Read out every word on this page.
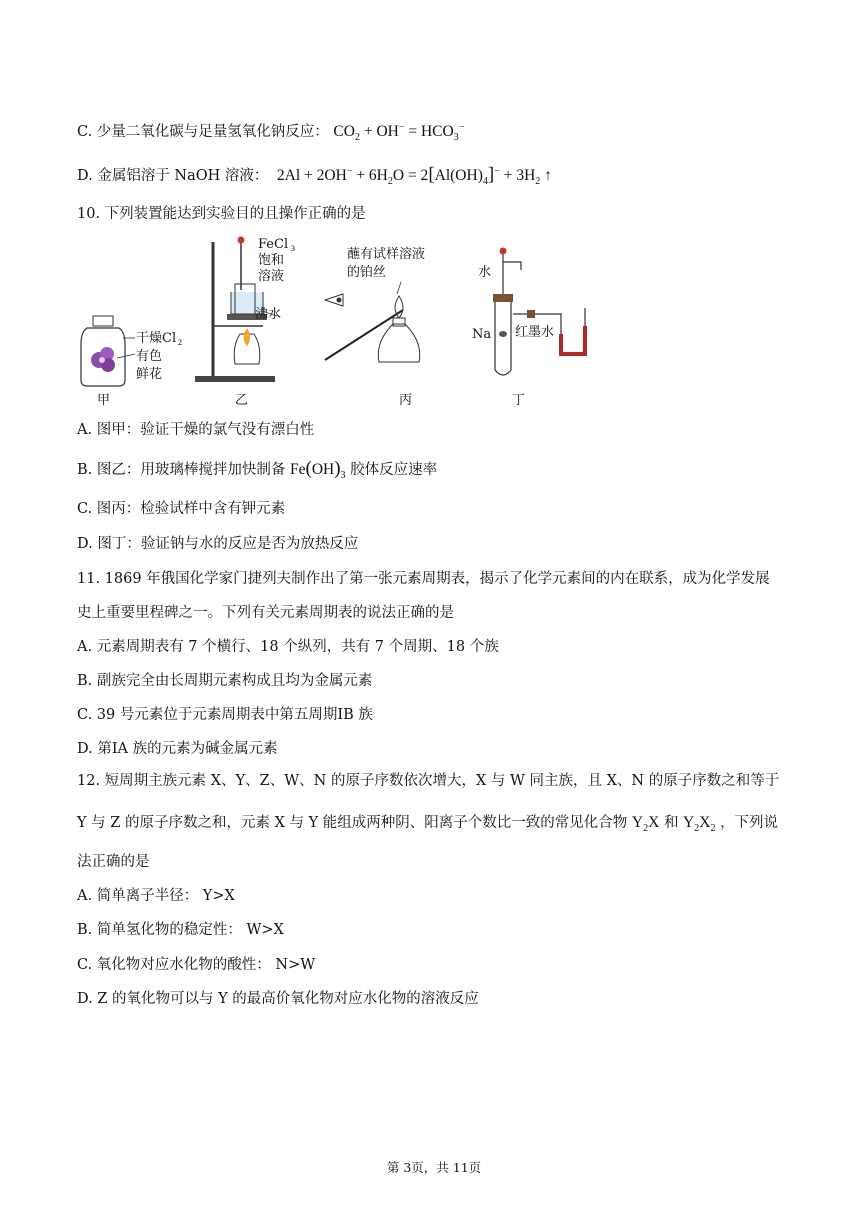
C. 少量二氧化碳与足量氢氧化钠反应： $CO_2 + OH^- = HCO_3^-$
D. 金属铝溶于 NaOH 溶液：  $2Al + 2OH^- + 6H_2O = 2[Al(OH)_4]^- + 3H_2$ ↑
10. 下列装置能达到实验目的且操作正确的是
干燥Cl 2
有色
鲜花
FeCl 3
饱和
溶液
沸水
蘸有试样溶液
的铂丝	水
Na 红墨水
甲	乙	丙	丁
A. 图甲：验证干燥的氯气没有漂白性
B. 图乙：用玻璃棒搅拌加快制备 $Fe(OH)_3$ 胶体反应速率
C. 图丙：检验试样中含有钾元素
D. 图丁：验证钠与水的反应是否为放热反应
11. 1869 年俄国化学家门捷列夫制作出了第一张元素周期表，揭示了化学元素间的内在联系，成为化学发展
史上重要里程碑之一。下列有关元素周期表的说法正确的是
A. 元素周期表有 7 个横行、18 个纵列，共有 7 个周期、18 个族
B. 副族完全由长周期元素构成且均为金属元素
C. 39 号元素位于元素周期表中第五周期ⅠB 族
D. 第ⅠA 族的元素为碱金属元素
12. 短周期主族元素 X、Y、Z、W、N 的原子序数依次增大，X 与 W 同主族，且 X、N 的原子序数之和等于
Y 与 Z 的原子序数之和，元素 X 与 Y 能组成两种阴、阳离子个数比一致的常见化合物 $Y_2X$ 和 $Y_2X_2$ ，下列说
法正确的是
A. 简单离子半径： Y>X
B. 简单氢化物的稳定性： W>X
C. 氧化物对应水化物的酸性： N>W
D. Z 的氧化物可以与 Y 的最高价氧化物对应水化物的溶液反应
第 3页，共 11页
